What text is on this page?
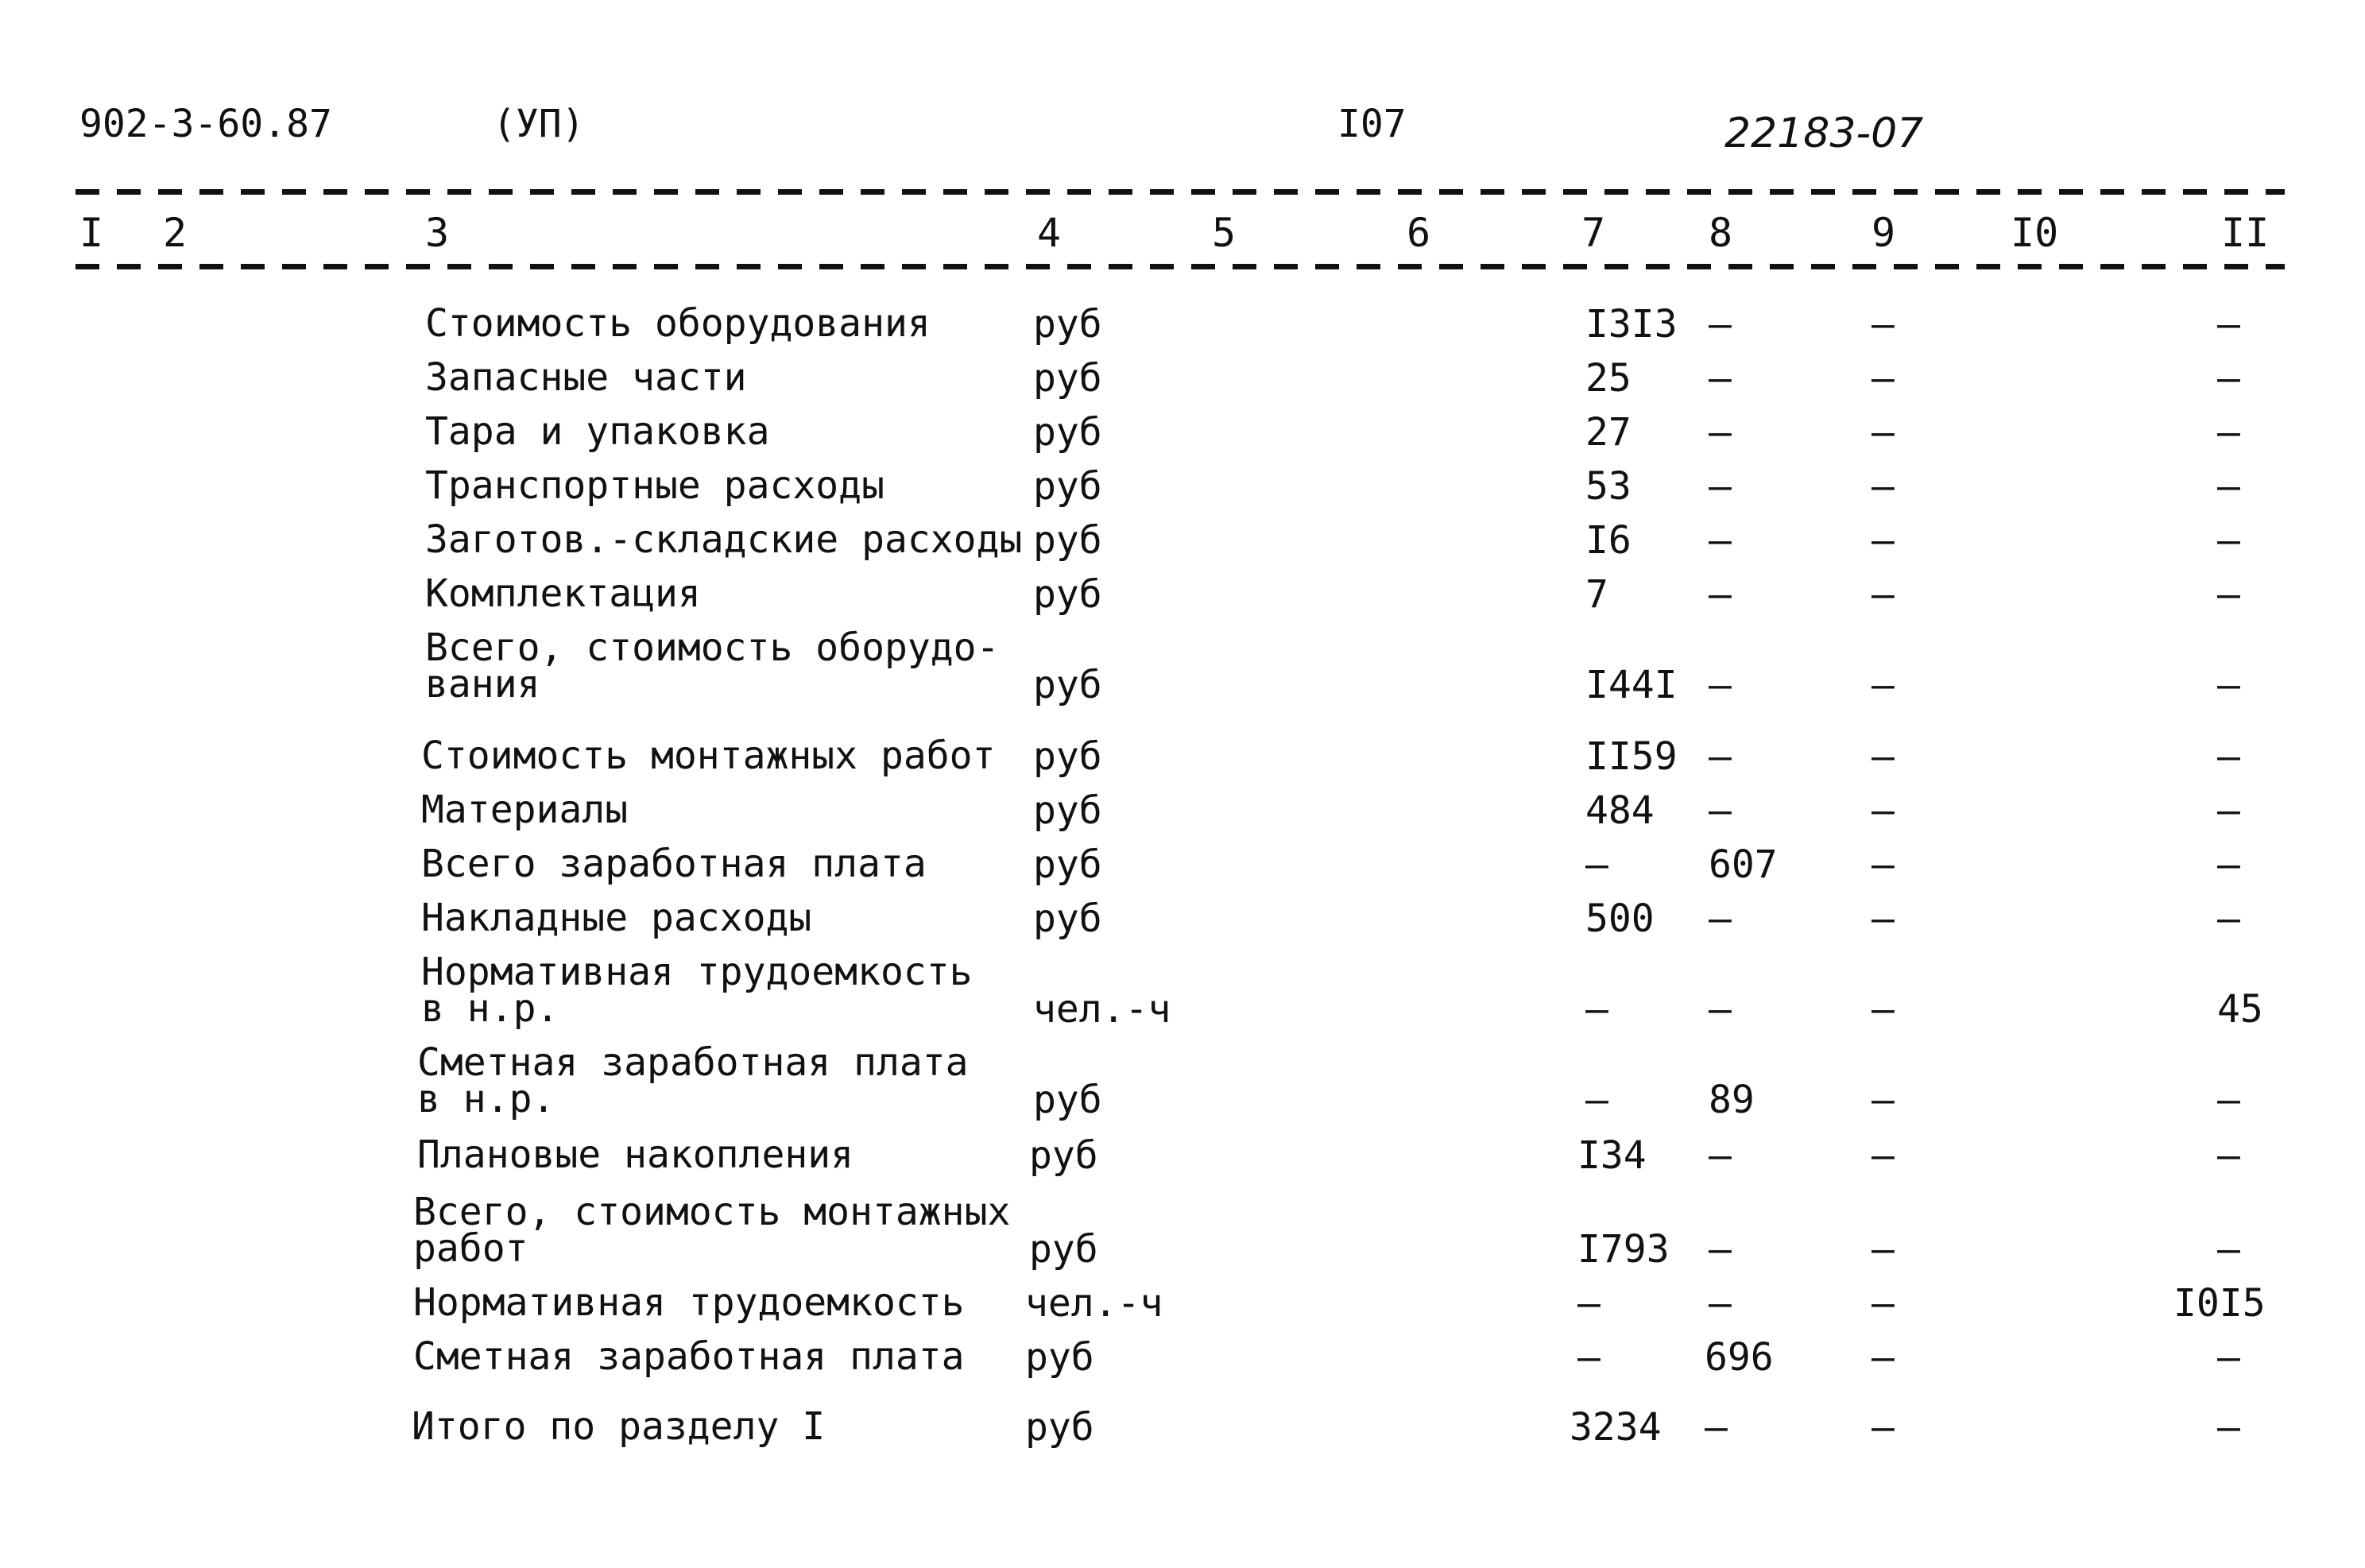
902-3-60.87	(УП)	I07	22183-07
I 2	3	4	5	6	7	8	9	I0	II
Стоимость оборудования	руб	I3I3 –	–	–
Запасные части	руб	25 –	–	–
Тара и упаковка	руб	27 –	–	–
Транспортные расходы	руб	53 –	–	–
Заготов.-складские расходы руб	I6 –	–	–
Комплектация	руб	7	–	–	–
Всего, стоимость оборудо-
вания	руб	I44I –	–	–
Стоимость монтажных работ руб	II59 –	–	–
Материалы	руб	484 –	–	–
Всего заработная плата	руб	–	607 –	–
Накладные расходы	руб	500 –	–	–
Нормативная трудоемкость
в н.р.	чел.-ч	–	–	–	45
Сметная заработная плата
в н.р.	руб	–	89	–	–
Плановые накопления	руб	I34 –	–	–
Всего, стоимость монтажных
работ	руб	I793 –	–	–
Нормативная трудоемкость чел.-ч	–	–	–	I0I5
Сметная заработная плата руб	–	696	–	–
Итого по разделу I	руб	3234 –	–	–
